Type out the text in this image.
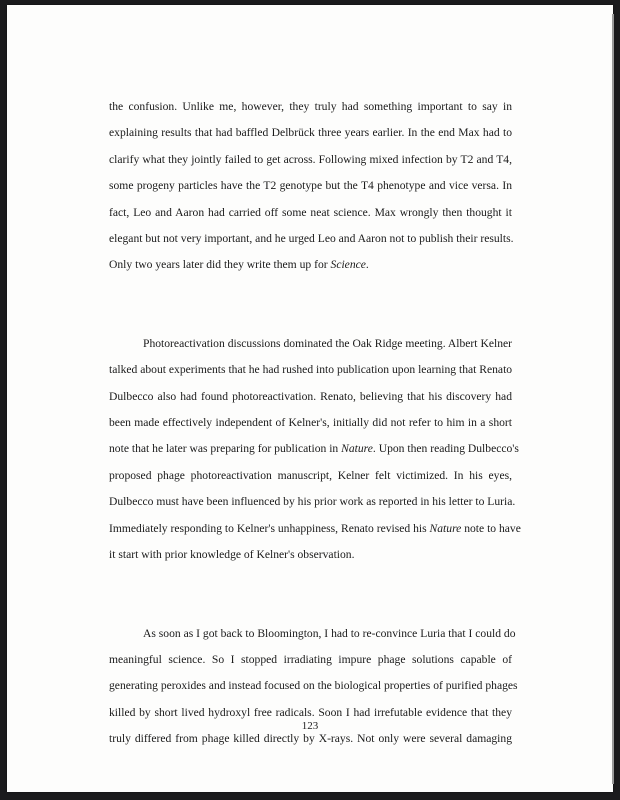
the confusion. Unlike me, however, they truly had something important to say in
explaining results that had baffled Delbrück three years earlier. In the end Max had to
clarify what they jointly failed to get across. Following mixed infection by T2 and T4,
some progeny particles have the T2 genotype but the T4 phenotype and vice versa. In
fact, Leo and Aaron had carried off some neat science. Max wrongly then thought it
elegant but not very important, and he urged Leo and Aaron not to publish their results.
Only two years later did they write them up for Science.
Photoreactivation discussions dominated the Oak Ridge meeting. Albert Kelner
talked about experiments that he had rushed into publication upon learning that Renato
Dulbecco also had found photoreactivation. Renato, believing that his discovery had
been made effectively independent of Kelner's, initially did not refer to him in a short
note that he later was preparing for publication in Nature. Upon then reading Dulbecco's
proposed phage photoreactivation manuscript, Kelner felt victimized. In his eyes,
Dulbecco must have been influenced by his prior work as reported in his letter to Luria.
Immediately responding to Kelner's unhappiness, Renato revised his Nature note to have
it start with prior knowledge of Kelner's observation.
As soon as I got back to Bloomington, I had to re-convince Luria that I could do
meaningful science. So I stopped irradiating impure phage solutions capable of
generating peroxides and instead focused on the biological properties of purified phages
killed by short lived hydroxyl free radicals. Soon I had irrefutable evidence that they
truly differed from phage killed directly by X-rays. Not only were several damaging
123
